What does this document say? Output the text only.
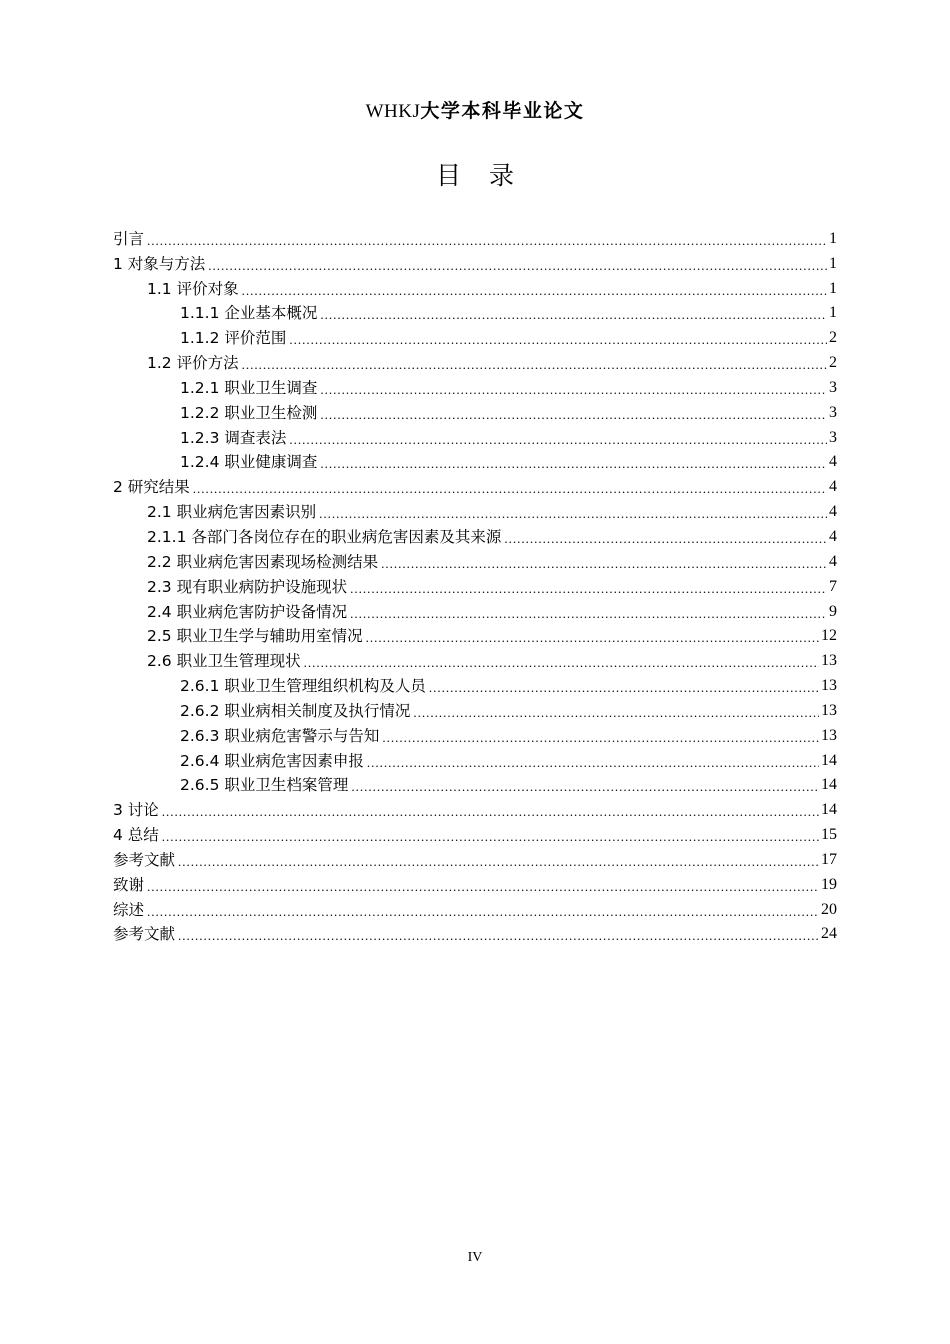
WHKJ大学本科毕业论文
目录
引言 .....	1
1 对象与方法 .....	1
1.1 评价对象 .....	1
1.1.1 企业基本概况 .....	1
1.1.2 评价范围 .....	2
1.2 评价方法 .....	2
1.2.1 职业卫生调查 .....	3
1.2.2 职业卫生检测 .....	3
1.2.3 调查表法 .....	3
1.2.4 职业健康调查 .....	4
2 研究结果 .....	4
2.1 职业病危害因素识别 .....	4
2.1.1 各部门各岗位存在的职业病危害因素及其来源 .....	4
2.2 职业病危害因素现场检测结果 .....	4
2.3 现有职业病防护设施现状 .....	7
2.4 职业病危害防护设备情况 .....	9
2.5 职业卫生学与辅助用室情况 .....	12
2.6 职业卫生管理现状 .....	13
2.6.1 职业卫生管理组织机构及人员 .....	13
2.6.2 职业病相关制度及执行情况 .....	13
2.6.3 职业病危害警示与告知 .....	13
2.6.4 职业病危害因素申报 .....	14
2.6.5 职业卫生档案管理 .....	14
3 讨论 .....	14
4 总结 .....	15
参考文献 .....	17
致谢 .....	19
综述 .....	20
参考文献 .....	24
IV
